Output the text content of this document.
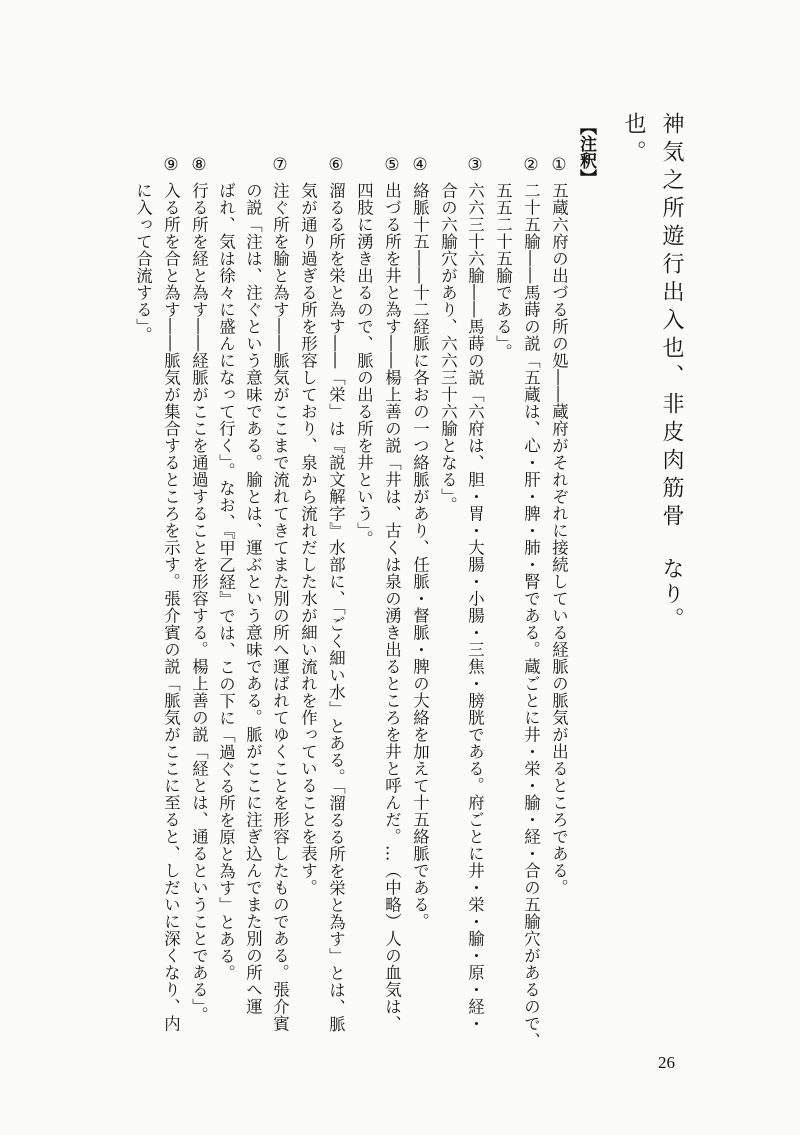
神気之所遊行出入也、非皮肉筋骨
なり。
也。
【注釈】
①
②
③
④
⑤
⑥
⑦
⑧
⑨
五蔵六府の出づる所の処――蔵府がそれぞれに接続している経脈の脈気が出るところである。
二十五腧――馬蒔の説「五蔵は、心・肝・脾・肺・腎である。蔵ごとに井・栄・腧・経・合の五腧穴があるので、
五五二十五腧である」。
六六三十六腧――馬蒔の説「六府は、胆・胃・大腸・小腸・三焦・膀胱である。府ごとに井・栄・腧・原・経・
合の六腧穴があり、六六三十六腧となる」。
絡脈十五――十二経脈に各おの一つ絡脈があり、任脈・督脈・脾の大絡を加えて十五絡脈である。
出づる所を井と為す――楊上善の説「井は、古くは泉の湧き出るところを井と呼んだ。…（中略）人の血気は、
四肢に湧き出るので、脈の出る所を井という」。
溜るる所を栄と為す――「栄」は『説文解字』水部に、「ごく細い水」とある。「溜るる所を栄と為す」とは、脈
気が通り過ぎる所を形容しており、泉から流れだした水が細い流れを作っていることを表す。
注ぐ所を腧と為す――脈気がここまで流れてきてまた別の所へ運ばれてゆくことを形容したものである。張介賓
の説「注は、注ぐという意味である。腧とは、運ぶという意味である。脈がここに注ぎ込んでまた別の所へ運
ばれ、気は徐々に盛んになって行く」。なお、『甲乙経』では、この下に「過ぐる所を原と為す」とある。
行る所を経と為す――経脈がここを通過することを形容する。楊上善の説「経とは、通るということである」。
入る所を合と為す――脈気が集合するところを示す。張介賓の説「脈気がここに至ると、しだいに深くなり、内
に入って合流する」。
26
